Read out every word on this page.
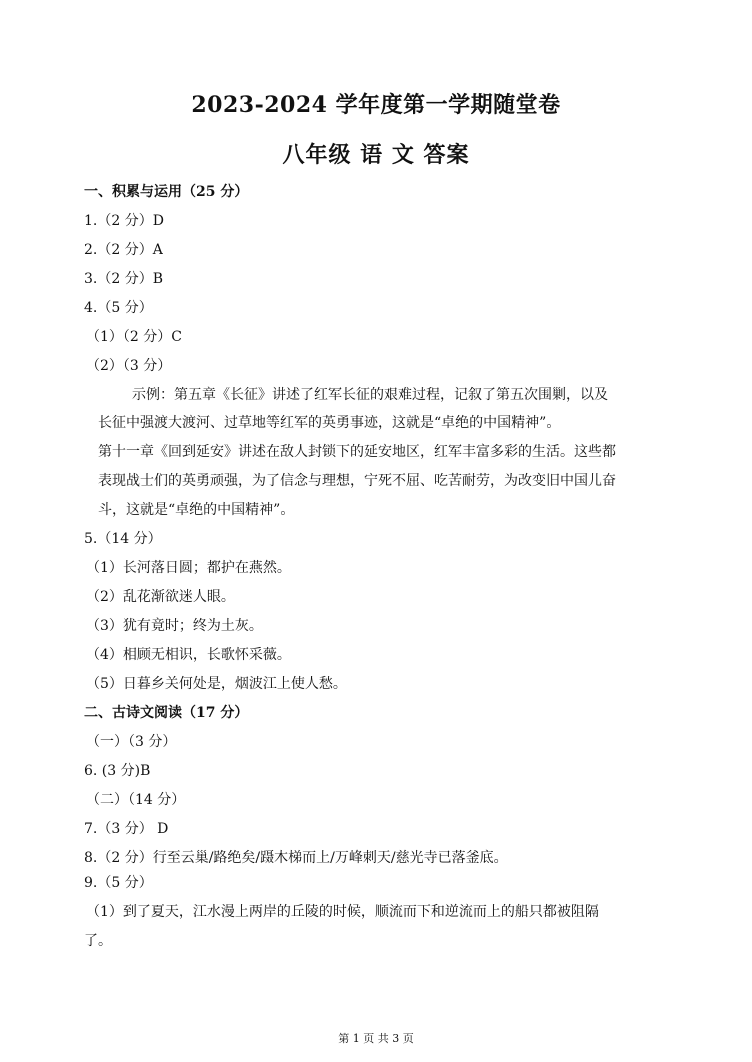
2023-2024 学年度第一学期随堂卷
八年级 语 文 答案
一、积累与运用（25 分）
1.（2 分）D
2.（2 分）A
3.（2 分）B
4.（5 分）
（1）（2 分）C
（2）（3 分）
示例：第五章《长征》讲述了红军长征的艰难过程，记叙了第五次围剿，以及
长征中强渡大渡河、过草地等红军的英勇事迹，这就是“卓绝的中国精神”。
第十一章《回到延安》讲述在敌人封锁下的延安地区，红军丰富多彩的生活。这些都
表现战士们的英勇顽强，为了信念与理想，宁死不屈、吃苦耐劳，为改变旧中国儿奋
斗，这就是“卓绝的中国精神”。
5.（14 分）
（1）长河落日圆；都护在燕然。
（2）乱花渐欲迷人眼。
（3）犹有竟时；终为土灰。
（4）相顾无相识，长歌怀采薇。
（5）日暮乡关何处是，烟波江上使人愁。
二、古诗文阅读（17 分）
（一）（3 分）
6. (3 分)B
（二）（14 分）
7.（3 分） D
8.（2 分）行至云巢/路绝矣/蹑木梯而上/万峰刺天/慈光寺已落釜底。
9.（5 分）
（1）到了夏天，江水漫上两岸的丘陵的时候，顺流而下和逆流而上的船只都被阻隔
了。
第 1 页 共 3 页
